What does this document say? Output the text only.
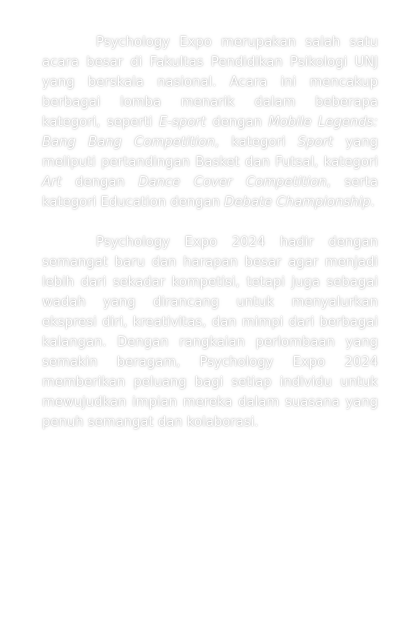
Psychology Expo merupakan salah satu acara besar di Fakultas Pendidikan Psikologi UNJ yang berskala nasional. Acara ini mencakup berbagai lomba menarik dalam beberapa kategori, seperti E-sport dengan Mobile Legends: Bang Bang Competition, kategori Sport yang meliputi pertandingan Basket dan Futsal, kategori Art dengan Dance Cover Competition, serta kategori Education dengan Debate Championship.

Psychology Expo 2024 hadir dengan semangat baru dan harapan besar agar menjadi lebih dari sekadar kompetisi, tetapi juga sebagai wadah yang dirancang untuk menyalurkan ekspresi diri, kreativitas, dan mimpi dari berbagai kalangan. Dengan rangkaian perlombaan yang semakin beragam, Psychology Expo 2024 memberikan peluang bagi setiap individu untuk mewujudkan impian mereka dalam suasana yang penuh semangat dan kolaborasi.
